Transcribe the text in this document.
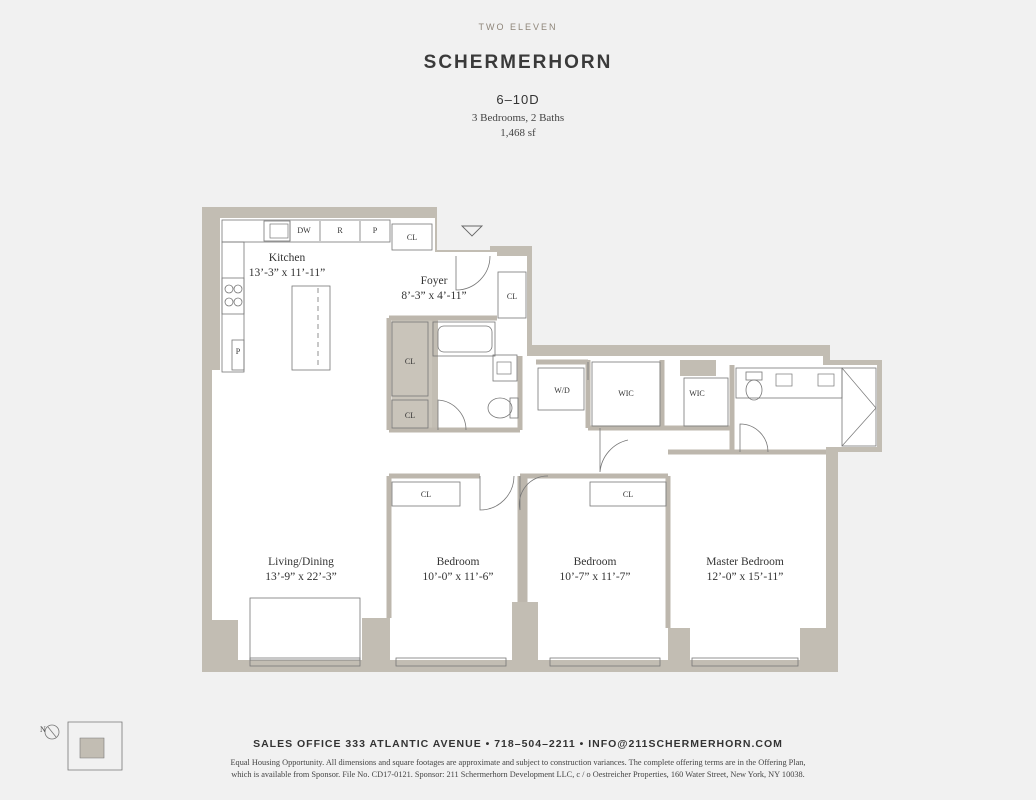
TWO ELEVEN
SCHERMERHORN
6–10D
3 Bedrooms, 2 Baths
1,468 sf
DW	R	P
P
CL
CL
CL
CL
W/D	WIC	WIC
CL	CL
Kitchen
13’-3” x 11’-11”
Foyer
8’-3” x 4’-11”
Living/Dining
13’-9” x 22’-3”
Bedroom
10’-0” x 11’-6”
Bedroom
10’-7” x 11’-7”
Master Bedroom
12’-0” x 15’-11”
N
SALES OFFICE 333 ATLANTIC AVENUE • 718–504–2211 • INFO@211SCHERMERHORN.COM
Equal Housing Opportunity. All dimensions and square footages are approximate and subject to construction variances. The complete offering terms are in the Offering Plan,
which is available from Sponsor. File No. CD17-0121. Sponsor: 211 Schermerhorn Development LLC, c / o Oestreicher Properties, 160 Water Street, New York, NY 10038.
